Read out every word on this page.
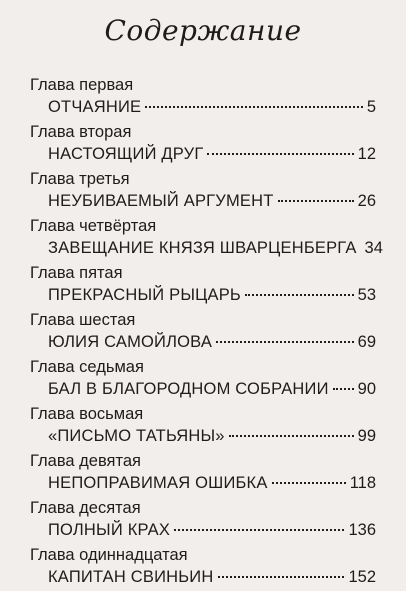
Содержание
Глава первая
ОТЧАЯНИЕ	5
Глава вторая
НАСТОЯЩИЙ ДРУГ	12
Глава третья
НЕУБИВАЕМЫЙ АРГУМЕНТ	26
Глава четвёртая
ЗАВЕЩАНИЕ КНЯЗЯ ШВАРЦЕНБЕРГА 34
Глава пятая
ПРЕКРАСНЫЙ РЫЦАРЬ	53
Глава шестая
ЮЛИЯ САМОЙЛОВА	69
Глава седьмая
БАЛ В БЛАГОРОДНОМ СОБРАНИИ 90
Глава восьмая
«ПИСЬМО ТАТЬЯНЫ»	99
Глава девятая
НЕПОПРАВИМАЯ ОШИБКА	118
Глава десятая
ПОЛНЫЙ КРАХ	136
Глава одиннадцатая
КАПИТАН СВИНЬИН	152
